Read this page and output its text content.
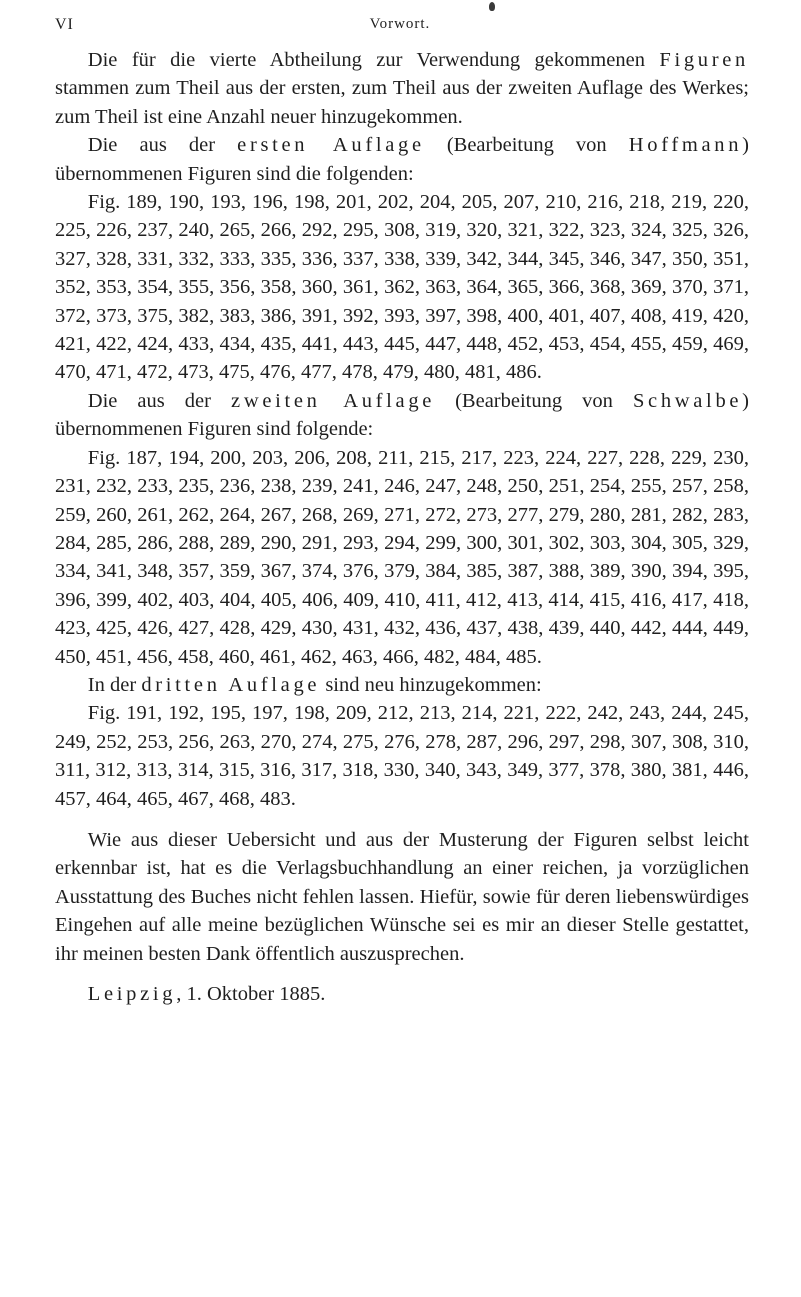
VI	Vorwort.

Die für die vierte Abtheilung zur Verwendung gekommenen Figuren stammen zum Theil aus der ersten, zum Theil aus der zweiten Auflage des Werkes; zum Theil ist eine Anzahl neuer hinzugekommen.

Die aus der ersten Auflage (Bearbeitung von Hoffmann) übernommenen Figuren sind die folgenden:

Fig. 189, 190, 193, 196, 198, 201, 202, 204, 205, 207, 210, 216, 218, 219, 220, 225, 226, 237, 240, 265, 266, 292, 295, 308, 319, 320, 321, 322, 323, 324, 325, 326, 327, 328, 331, 332, 333, 335, 336, 337, 338, 339, 342, 344, 345, 346, 347, 350, 351, 352, 353, 354, 355, 356, 358, 360, 361, 362, 363, 364, 365, 366, 368, 369, 370, 371, 372, 373, 375, 382, 383, 386, 391, 392, 393, 397, 398, 400, 401, 407, 408, 419, 420, 421, 422, 424, 433, 434, 435, 441, 443, 445, 447, 448, 452, 453, 454, 455, 459, 469, 470, 471, 472, 473, 475, 476, 477, 478, 479, 480, 481, 486.

Die aus der zweiten Auflage (Bearbeitung von Schwalbe) übernommenen Figuren sind folgende:

Fig. 187, 194, 200, 203, 206, 208, 211, 215, 217, 223, 224, 227, 228, 229, 230, 231, 232, 233, 235, 236, 238, 239, 241, 246, 247, 248, 250, 251, 254, 255, 257, 258, 259, 260, 261, 262, 264, 267, 268, 269, 271, 272, 273, 277, 279, 280, 281, 282, 283, 284, 285, 286, 288, 289, 290, 291, 293, 294, 299, 300, 301, 302, 303, 304, 305, 329, 334, 341, 348, 357, 359, 367, 374, 376, 379, 384, 385, 387, 388, 389, 390, 394, 395, 396, 399, 402, 403, 404, 405, 406, 409, 410, 411, 412, 413, 414, 415, 416, 417, 418, 423, 425, 426, 427, 428, 429, 430, 431, 432, 436, 437, 438, 439, 440, 442, 444, 449, 450, 451, 456, 458, 460, 461, 462, 463, 466, 482, 484, 485.

In der dritten Auflage sind neu hinzugekommen:

Fig. 191, 192, 195, 197, 198, 209, 212, 213, 214, 221, 222, 242, 243, 244, 245, 249, 252, 253, 256, 263, 270, 274, 275, 276, 278, 287, 296, 297, 298, 307, 308, 310, 311, 312, 313, 314, 315, 316, 317, 318, 330, 340, 343, 349, 377, 378, 380, 381, 446, 457, 464, 465, 467, 468, 483.

Wie aus dieser Uebersicht und aus der Musterung der Figuren selbst leicht erkennbar ist, hat es die Verlagsbuchhandlung an einer reichen, ja vorzüglichen Ausstattung des Buches nicht fehlen lassen. Hiefür, sowie für deren liebenswürdiges Eingehen auf alle meine bezüglichen Wünsche sei es mir an dieser Stelle gestattet, ihr meinen besten Dank öffentlich auszusprechen.

Leipzig, 1. Oktober 1885.
